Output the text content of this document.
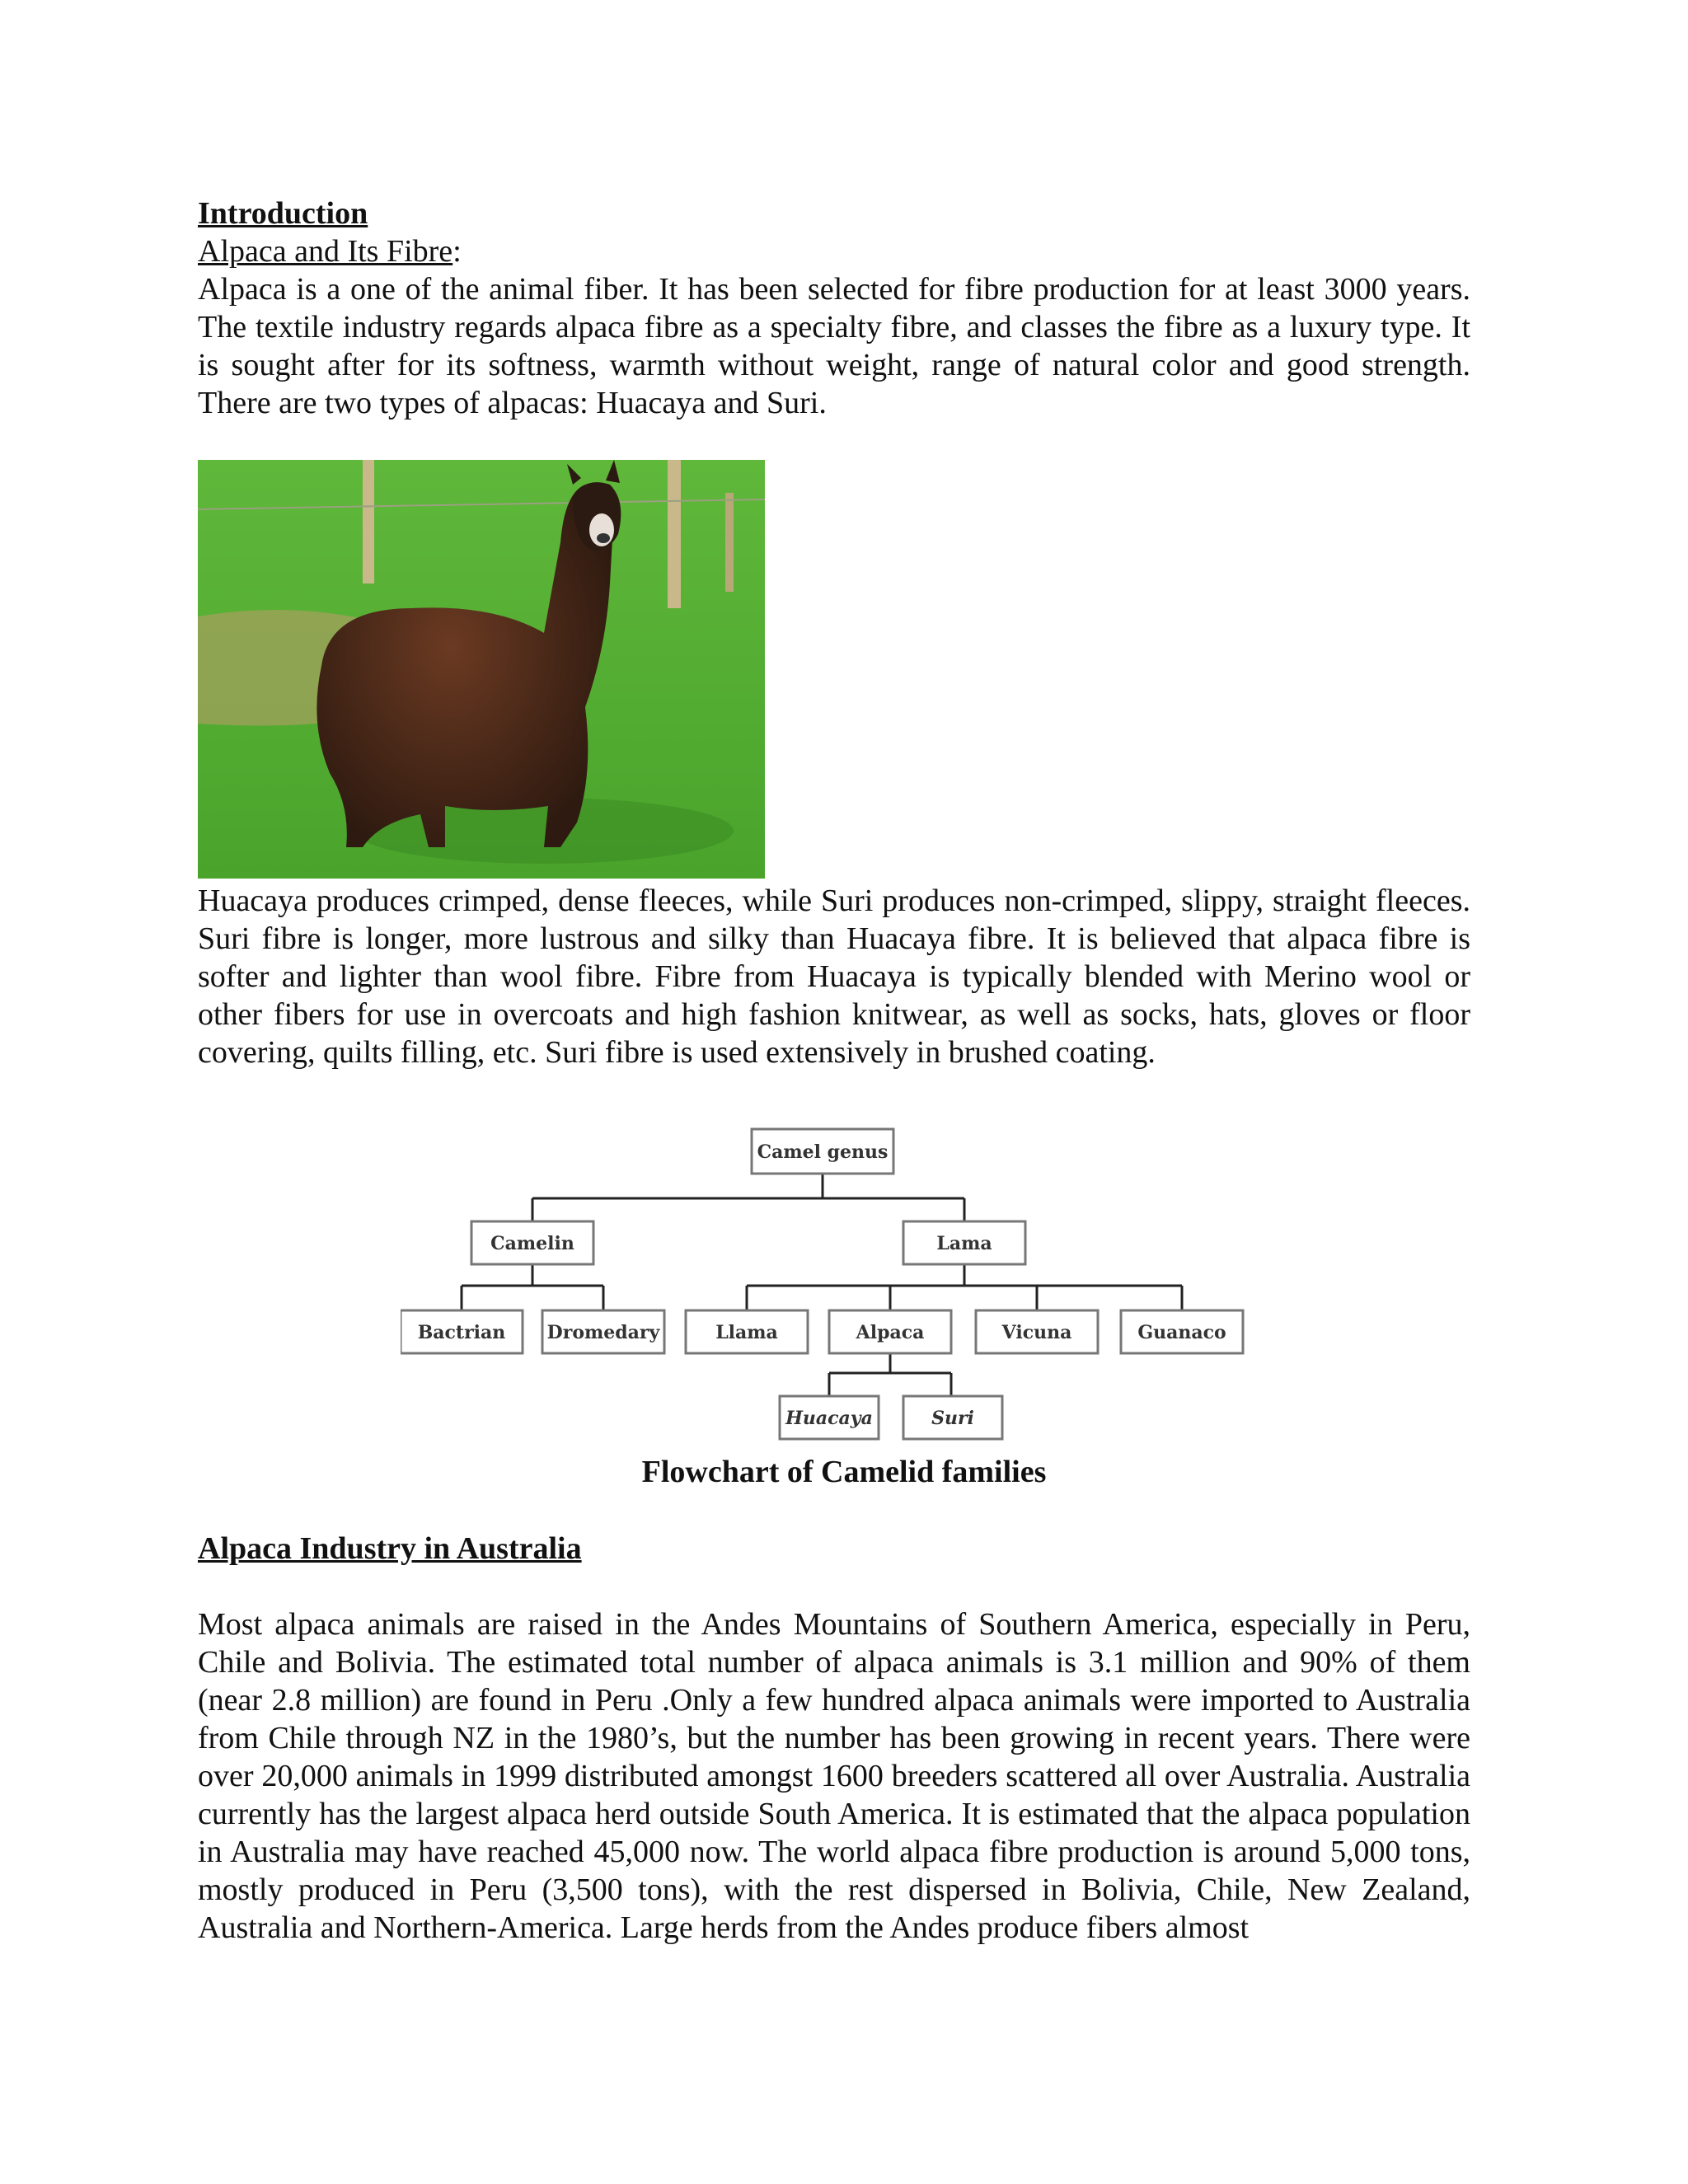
Introduction

Alpaca and Its Fibre:

Alpaca is a one of the animal fiber. It has been selected for fibre production for at least 3000 years. The textile industry regards alpaca fibre as a specialty fibre, and classes the fibre as a luxury type. It is sought after for its softness, warmth without weight, range of natural color and good strength. There are two types of alpacas: Huacaya and Suri.

Huacaya produces crimped, dense fleeces, while Suri produces non-crimped, slippy, straight fleeces. Suri fibre is longer, more lustrous and silky than Huacaya fibre. It is believed that alpaca fibre is softer and lighter than wool fibre. Fibre from Huacaya is typically blended with Merino wool or other fibers for use in overcoats and high fashion knitwear, as well as socks, hats, gloves or floor covering, quilts filling, etc. Suri fibre is used extensively in brushed coating.

Camel genus
Camelin	Lama
Bactrian Dromedary	Llama	Alpaca	Vicuna	Guanaco
Huacaya	Suri
Flowchart of Camelid families

Alpaca Industry in Australia

Most alpaca animals are raised in the Andes Mountains of Southern America, especially in Peru, Chile and Bolivia. The estimated total number of alpaca animals is 3.1 million and 90% of them (near 2.8 million) are found in Peru .Only a few hundred alpaca animals were imported to Australia from Chile through NZ in the 1980’s, but the number has been growing in recent years. There were over 20,000 animals in 1999 distributed amongst 1600 breeders scattered all over Australia. Australia currently has the largest alpaca herd outside South America. It is estimated that the alpaca population in Australia may have reached 45,000 now. The world alpaca fibre production is around 5,000 tons, mostly produced in Peru (3,500 tons), with the rest dispersed in Bolivia, Chile, New Zealand, Australia and Northern-America. Large herds from the Andes produce fibers almost
